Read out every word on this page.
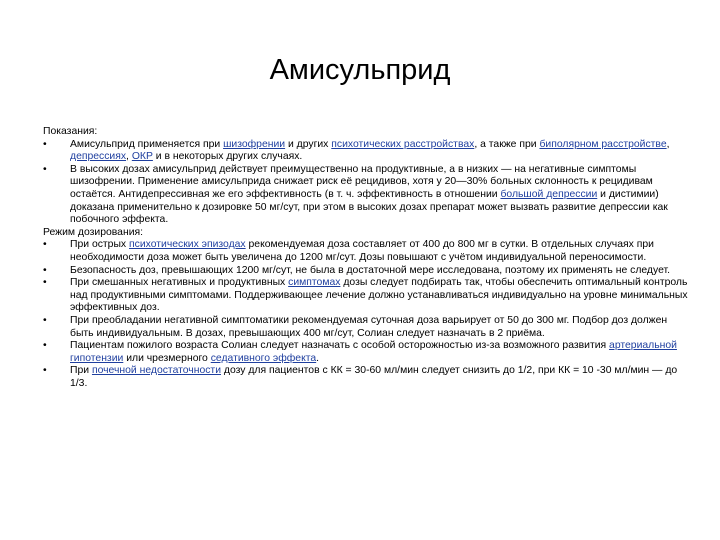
Амисульприд

Показания:

•	Амисульприд применяется при шизофрении и других психотических расстройствах, а также при биполярном расстройстве, депрессиях, ОКР и в некоторых других случаях.

•	В высоких дозах амисульприд действует преимущественно на продуктивные, а в низких — на негативные симптомы шизофрении. Применение амисульприда снижает риск её рецидивов, хотя у 20—30% больных склонность к рецидивам остаётся. Антидепрессивная же его эффективность (в т. ч. эффективность в отношении большой депрессии и дистимии) доказана применительно к дозировке 50 мг/сут, при этом в высоких дозах препарат может вызвать развитие депрессии как побочного эффекта.

Режим дозирования:

•	При острых психотических эпизодах рекомендуемая доза составляет от 400 до 800 мг в сутки. В отдельных случаях при необходимости доза может быть увеличена до 1200 мг/сут. Дозы повышают с учётом индивидуальной переносимости.

•	Безопасность доз, превышающих 1200 мг/сут, не была в достаточной мере исследована, поэтому их применять не следует.

•	При смешанных негативных и продуктивных симптомах дозы следует подбирать так, чтобы обеспечить оптимальный контроль над продуктивными симптомами. Поддерживающее лечение должно устанавливаться индивидуально на уровне минимальных эффективных доз.

•	При преобладании негативной симптоматики рекомендуемая суточная доза варьирует от 50 до 300 мг. Подбор доз должен быть индивидуальным. В дозах, превышающих 400 мг/сут, Солиан следует назначать в 2 приёма.

•	Пациентам пожилого возраста Солиан следует назначать с особой осторожностью из-за возможного развития артериальной гипотензии или чрезмерного седативного эффекта.

•	При почечной недостаточности дозу для пациентов с КК = 30-60 мл/мин следует снизить до 1/2, при КК = 10 -30 мл/мин — до 1/3.
